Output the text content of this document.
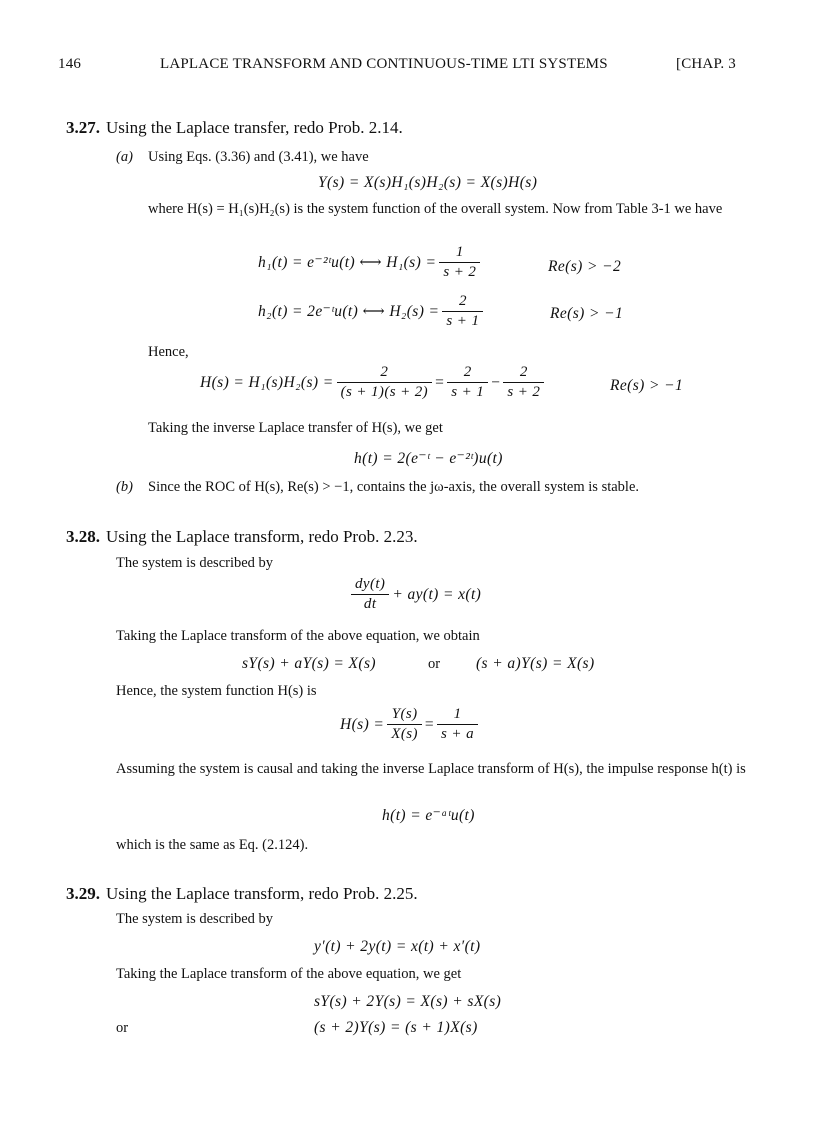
146	LAPLACE TRANSFORM AND CONTINUOUS-TIME LTI SYSTEMS	[CHAP. 3
3.27. Using the Laplace transfer, redo Prob. 2.14.
(a) Using Eqs. (3.36) and (3.41), we have
Y(s) = X(s)H₁(s)H₂(s) = X(s)H(s)
where H(s) = H₁(s)H₂(s) is the system function of the overall system. Now from Table 3-1 we have
h₁(t) = e⁻²ᵗu(t) ⟷ $H_1(s) = \frac{1}{s + 2}$	Re(s) > −2
h₂(t) = 2e⁻ᵗu(t) ⟷ $H_2(s) = \frac{2}{s + 1}$	Re(s) > −1
Hence,
$H(s) = H_1(s)H_2(s) = \frac{2}{(s + 1)(s + 2)} = \frac{2}{s + 1} - \frac{2}{s + 2}$	Re(s) > −1
Taking the inverse Laplace transfer of H(s), we get
h(t) = 2(e⁻ᵗ − e⁻²ᵗ)u(t)
(b) Since the ROC of H(s), Re(s) > −1, contains the jω-axis, the overall system is stable.
3.28. Using the Laplace transform, redo Prob. 2.23.
The system is described by
$\frac{dy(t)}{dt} + ay(t) = x(t)$
Taking the Laplace transform of the above equation, we obtain
sY(s) + aY(s) = X(s)	or (s + a)Y(s) = X(s)
Hence, the system function H(s) is
$H(s) = \frac{Y(s)}{X(s)} = \frac{1}{s + a}$
Assuming the system is causal and taking the inverse Laplace transform of H(s), the impulse response h(t) is
h(t) = e⁻ᵃᵗu(t)
which is the same as Eq. (2.124).
3.29. Using the Laplace transform, redo Prob. 2.25.
The system is described by
y′(t) + 2y(t) = x(t) + x′(t)
Taking the Laplace transform of the above equation, we get
sY(s) + 2Y(s) = X(s) + sX(s)
or	(s + 2)Y(s) = (s + 1)X(s)
